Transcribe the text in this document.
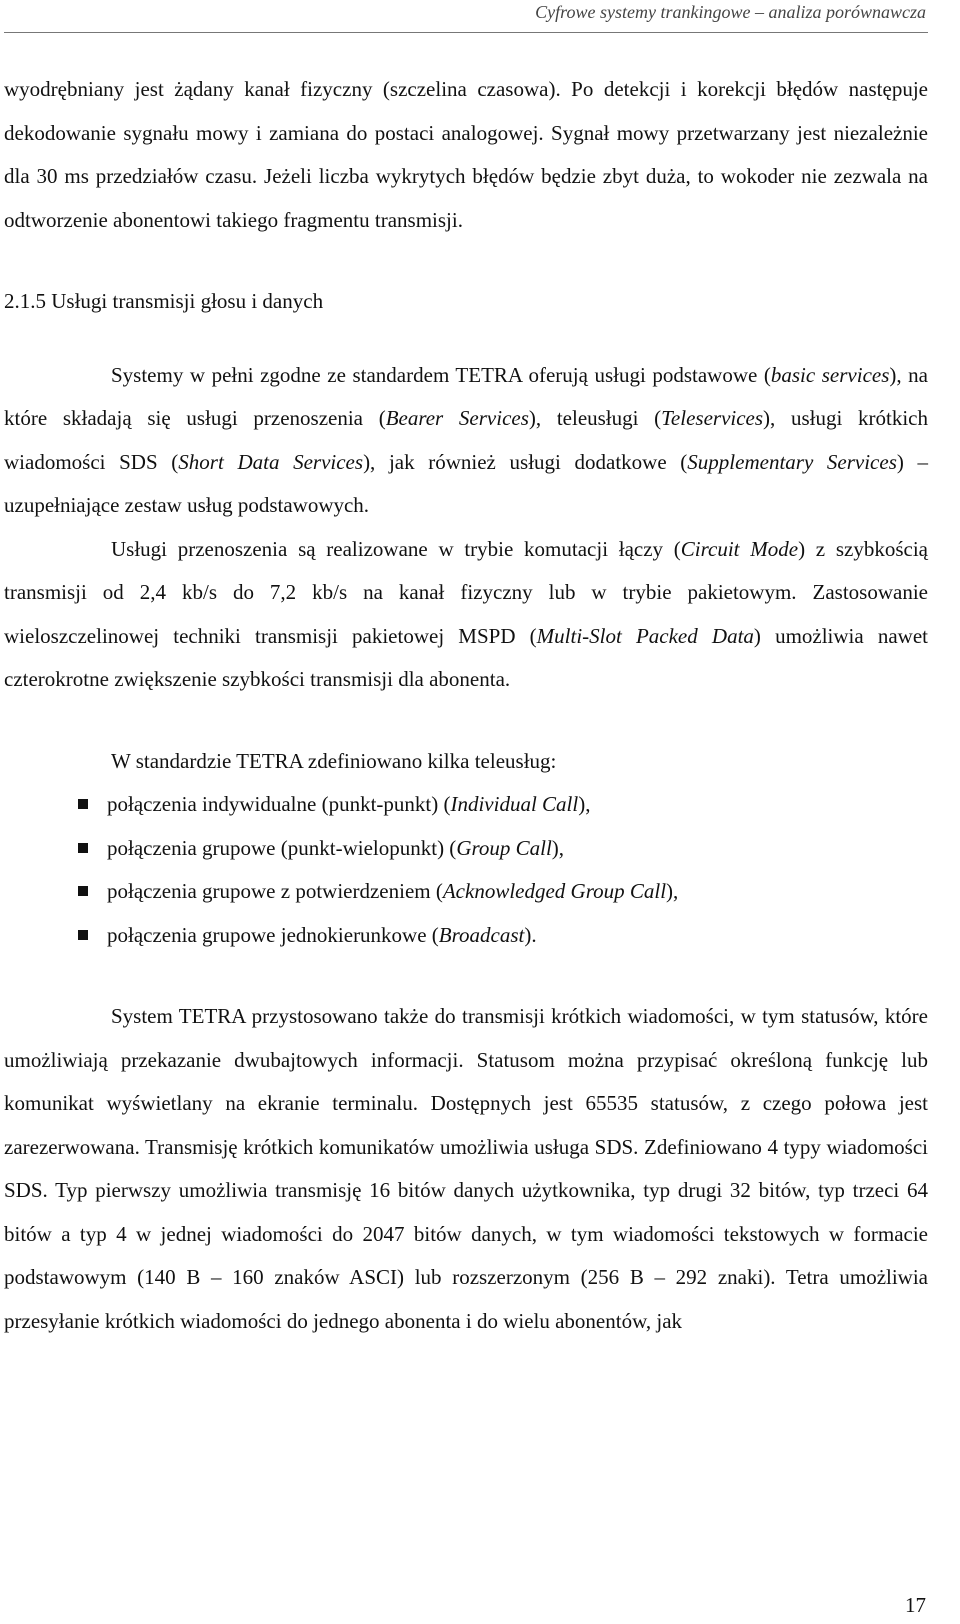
Cyfrowe systemy trankingowe – analiza porównawcza

wyodrębniany jest żądany kanał fizyczny (szczelina czasowa). Po detekcji i korekcji błędów następuje dekodowanie sygnału mowy i zamiana do postaci analogowej. Sygnał mowy przetwarzany jest niezależnie dla 30 ms przedziałów czasu. Jeżeli liczba wykrytych błędów będzie zbyt duża, to wokoder nie zezwala na odtworzenie abonentowi takiego fragmentu transmisji.

2.1.5 Usługi transmisji głosu i danych

Systemy w pełni zgodne ze standardem TETRA oferują usługi podstawowe (basic services), na które składają się usługi przenoszenia (Bearer Services), teleusługi (Teleservices), usługi krótkich wiadomości SDS (Short Data Services), jak również usługi dodatkowe (Supplementary Services) – uzupełniające zestaw usług podstawowych.

Usługi przenoszenia są realizowane w trybie komutacji łączy (Circuit Mode) z szybkością transmisji od 2,4 kb/s do 7,2 kb/s na kanał fizyczny lub w trybie pakietowym. Zastosowanie wieloszczelinowej techniki transmisji pakietowej MSPD (Multi-Slot Packed Data) umożliwia nawet czterokrotne zwiększenie szybkości transmisji dla abonenta.

W standardzie TETRA zdefiniowano kilka teleusług:

połączenia indywidualne (punkt-punkt) (Individual Call),
połączenia grupowe (punkt-wielopunkt) (Group Call),
połączenia grupowe z potwierdzeniem (Acknowledged Group Call),
połączenia grupowe jednokierunkowe (Broadcast).

System TETRA przystosowano także do transmisji krótkich wiadomości, w tym statusów, które umożliwiają przekazanie dwubajtowych informacji. Statusom można przypisać określoną funkcję lub komunikat wyświetlany na ekranie terminalu. Dostępnych jest 65535 statusów, z czego połowa jest zarezerwowana. Transmisję krótkich komunikatów umożliwia usługa SDS. Zdefiniowano 4 typy wiadomości SDS. Typ pierwszy umożliwia transmisję 16 bitów danych użytkownika, typ drugi 32 bitów, typ trzeci 64 bitów a typ 4 w jednej wiadomości do 2047 bitów danych, w tym wiadomości tekstowych w formacie podstawowym (140 B – 160 znaków ASCI) lub rozszerzonym (256 B – 292 znaki). Tetra umożliwia przesyłanie krótkich wiadomości do jednego abonenta i do wielu abonentów, jak

17
